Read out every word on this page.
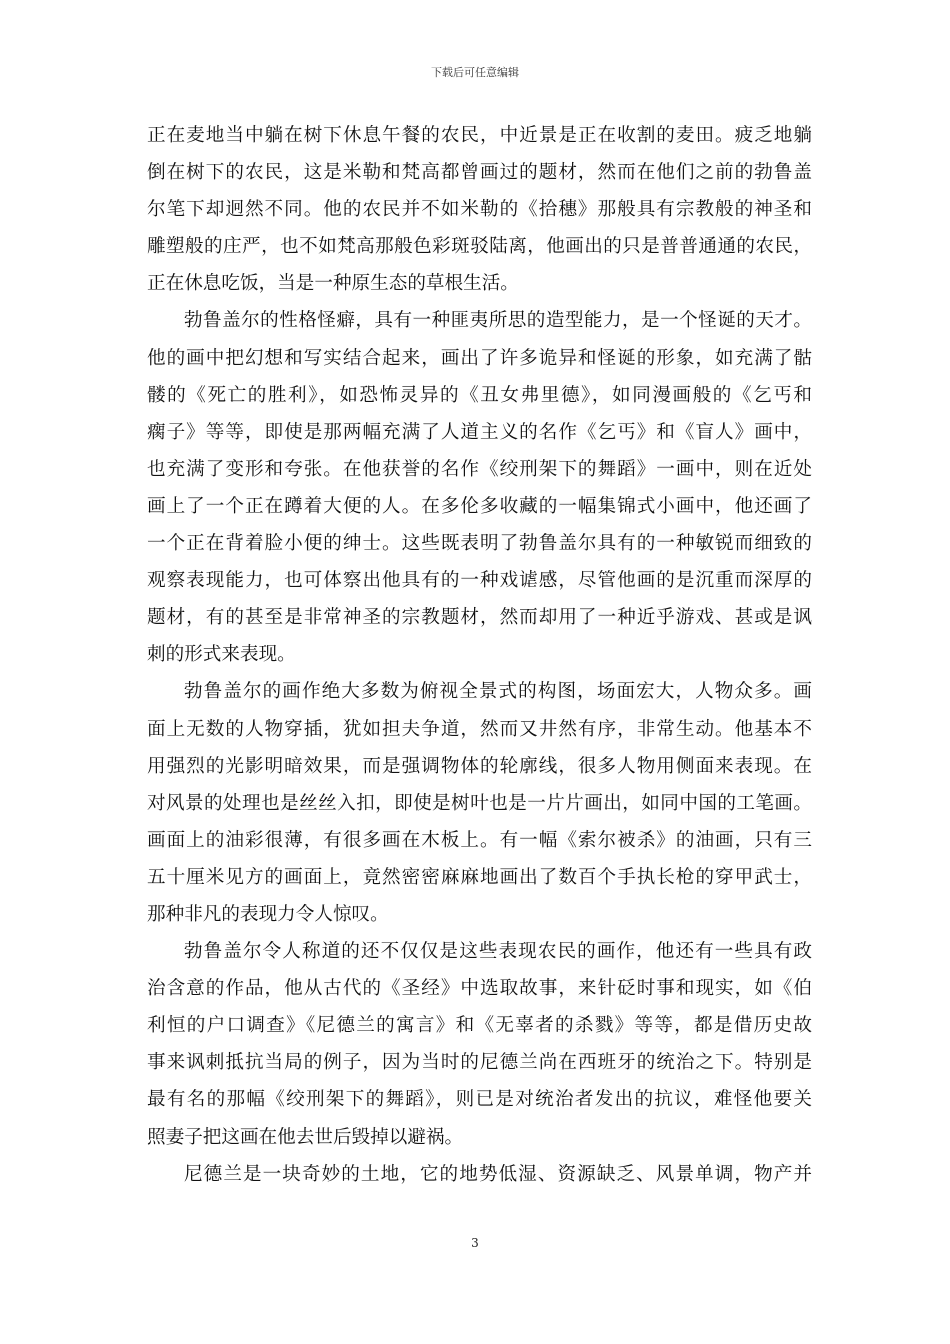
下载后可任意编辑

正在麦地当中躺在树下休息午餐的农民，中近景是正在收割的麦田。疲乏地躺
倒在树下的农民，这是米勒和梵高都曾画过的题材，然而在他们之前的勃鲁盖
尔笔下却迥然不同。他的农民并不如米勒的《拾穗》那般具有宗教般的神圣和
雕塑般的庄严，也不如梵高那般色彩斑驳陆离，他画出的只是普普通通的农民，
正在休息吃饭，当是一种原生态的草根生活。

勃鲁盖尔的性格怪癖，具有一种匪夷所思的造型能力，是一个怪诞的天才。
他的画中把幻想和写实结合起来，画出了许多诡异和怪诞的形象，如充满了骷
髅的《死亡的胜利》，如恐怖灵异的《丑女弗里德》，如同漫画般的《乞丐和
瘸子》等等，即使是那两幅充满了人道主义的名作《乞丐》和《盲人》画中，
也充满了变形和夸张。在他获誉的名作《绞刑架下的舞蹈》一画中，则在近处
画上了一个正在蹲着大便的人。在多伦多收藏的一幅集锦式小画中，他还画了
一个正在背着脸小便的绅士。这些既表明了勃鲁盖尔具有的一种敏锐而细致的
观察表现能力，也可体察出他具有的一种戏谑感，尽管他画的是沉重而深厚的
题材，有的甚至是非常神圣的宗教题材，然而却用了一种近乎游戏、甚或是讽
刺的形式来表现。

勃鲁盖尔的画作绝大多数为俯视全景式的构图，场面宏大，人物众多。画
面上无数的人物穿插，犹如担夫争道，然而又井然有序，非常生动。他基本不
用强烈的光影明暗效果，而是强调物体的轮廓线，很多人物用侧面来表现。在
对风景的处理也是丝丝入扣，即使是树叶也是一片片画出，如同中国的工笔画。
画面上的油彩很薄，有很多画在木板上。有一幅《索尔被杀》的油画，只有三
五十厘米见方的画面上，竟然密密麻麻地画出了数百个手执长枪的穿甲武士，
那种非凡的表现力令人惊叹。

勃鲁盖尔令人称道的还不仅仅是这些表现农民的画作，他还有一些具有政
治含意的作品，他从古代的《圣经》中选取故事，来针砭时事和现实，如《伯
利恒的户口调查》《尼德兰的寓言》和《无辜者的杀戮》等等，都是借历史故
事来讽刺抵抗当局的例子，因为当时的尼德兰尚在西班牙的统治之下。特别是
最有名的那幅《绞刑架下的舞蹈》，则已是对统治者发出的抗议，难怪他要关
照妻子把这画在他去世后毁掉以避祸。

尼德兰是一块奇妙的土地，它的地势低湿、资源缺乏、风景单调，物产并

3
